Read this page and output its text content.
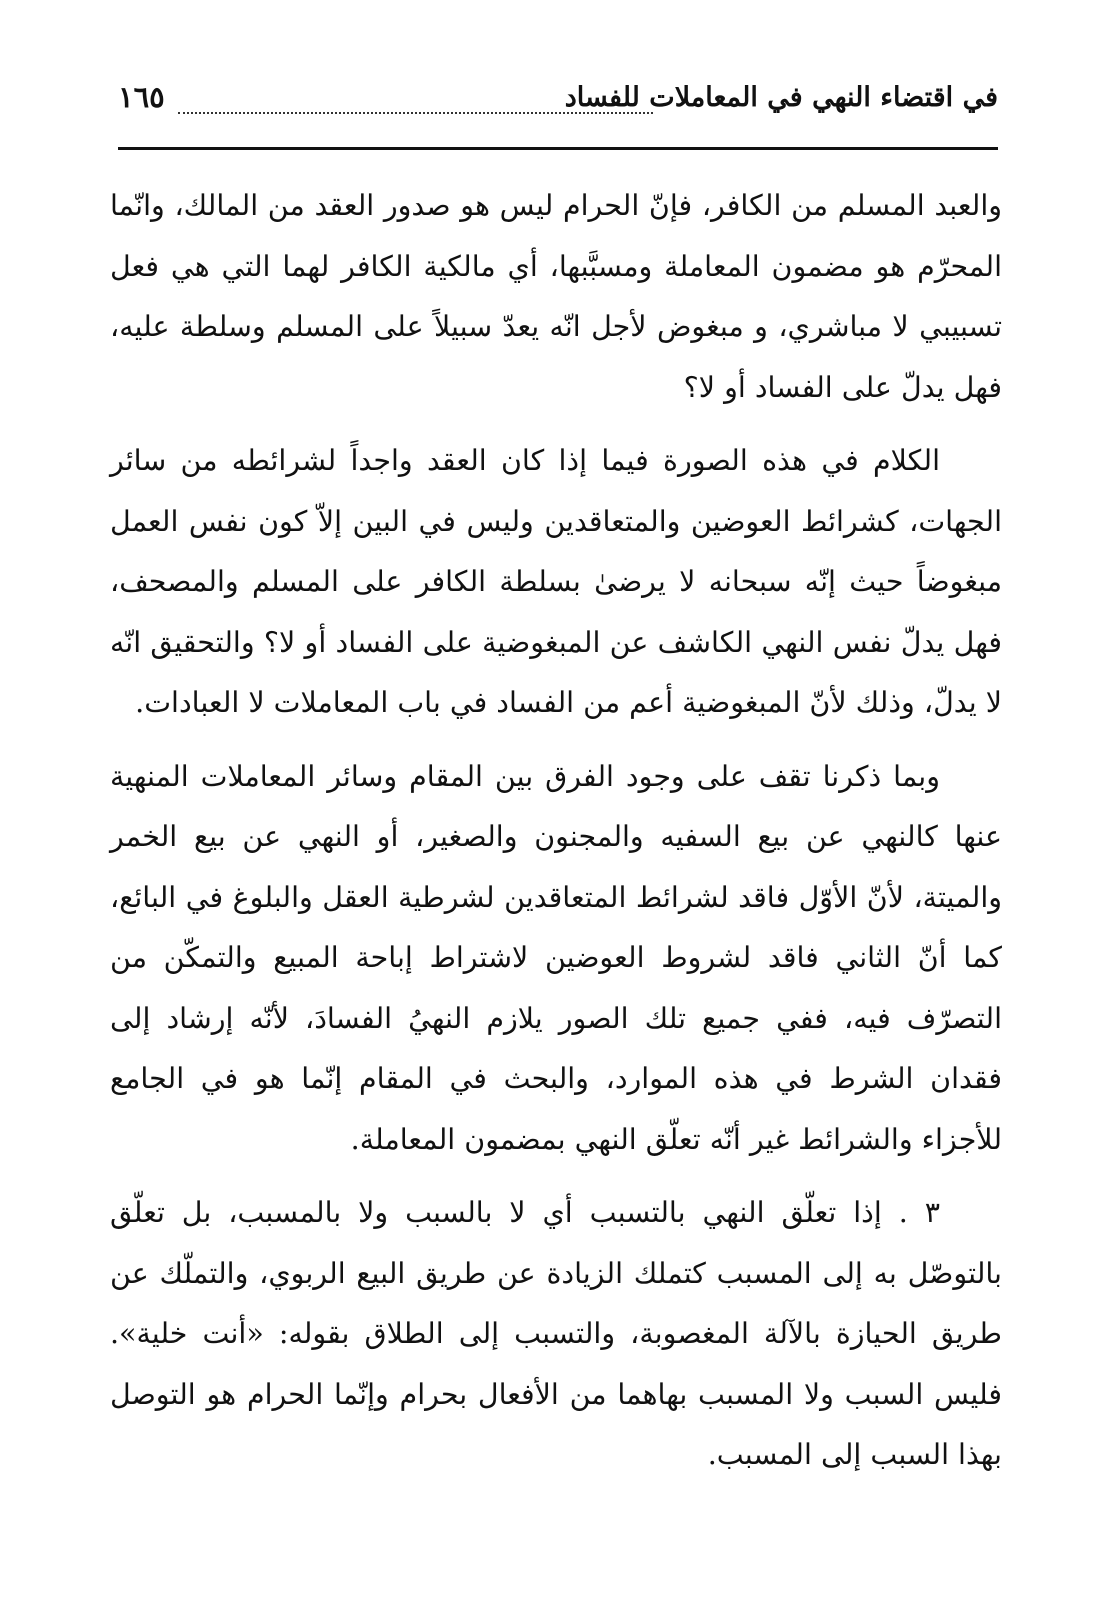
في اقتضاء النهي في المعاملات للفساد
١٦٥

والعبد المسلم من الكافر، فإنّ الحرام ليس هو صدور العقد من المالك، وانّما المحرّم هو مضمون المعاملة ومسبَّبها، أي مالكية الكافر لهما التي هي فعل تسبيبي لا مباشري، و مبغوض لأجل انّه يعدّ سبيلاً على المسلم وسلطة عليه، فهل يدلّ على الفساد أو لا؟

الكلام في هذه الصورة فيما إذا كان العقد واجداً لشرائطه من سائر الجهات، كشرائط العوضين والمتعاقدين وليس في البين إلاّ كون نفس العمل مبغوضاً حيث إنّه سبحانه لا يرضىٰ بسلطة الكافر على المسلم والمصحف، فهل يدلّ نفس النهي الكاشف عن المبغوضية على الفساد أو لا؟ والتحقيق انّه لا يدلّ، وذلك لأنّ المبغوضية أعم من الفساد في باب المعاملات لا العبادات.

وبما ذكرنا تقف على وجود الفرق بين المقام وسائر المعاملات المنهية عنها كالنهي عن بيع السفيه والمجنون والصغير، أو النهي عن بيع الخمر والميتة، لأنّ الأوّل فاقد لشرائط المتعاقدين لشرطية العقل والبلوغ في البائع، كما أنّ الثاني فاقد لشروط العوضين لاشتراط إباحة المبيع والتمكّن من التصرّف فيه، ففي جميع تلك الصور يلازم النهيُ الفسادَ، لأنّه إرشاد إلى فقدان الشرط في هذه الموارد، والبحث في المقام إنّما هو في الجامع للأجزاء والشرائط غير أنّه تعلّق النهي بمضمون المعاملة.

٣ . إذا تعلّق النهي بالتسبب أي لا بالسبب ولا بالمسبب، بل تعلّق بالتوصّل به إلى المسبب كتملك الزيادة عن طريق البيع الربوي، والتملّك عن طريق الحيازة بالآلة المغصوبة، والتسبب إلى الطلاق بقوله: «أنت خلية». فليس السبب ولا المسبب بهاهما من الأفعال بحرام وإنّما الحرام هو التوصل بهذا السبب إلى المسبب.
